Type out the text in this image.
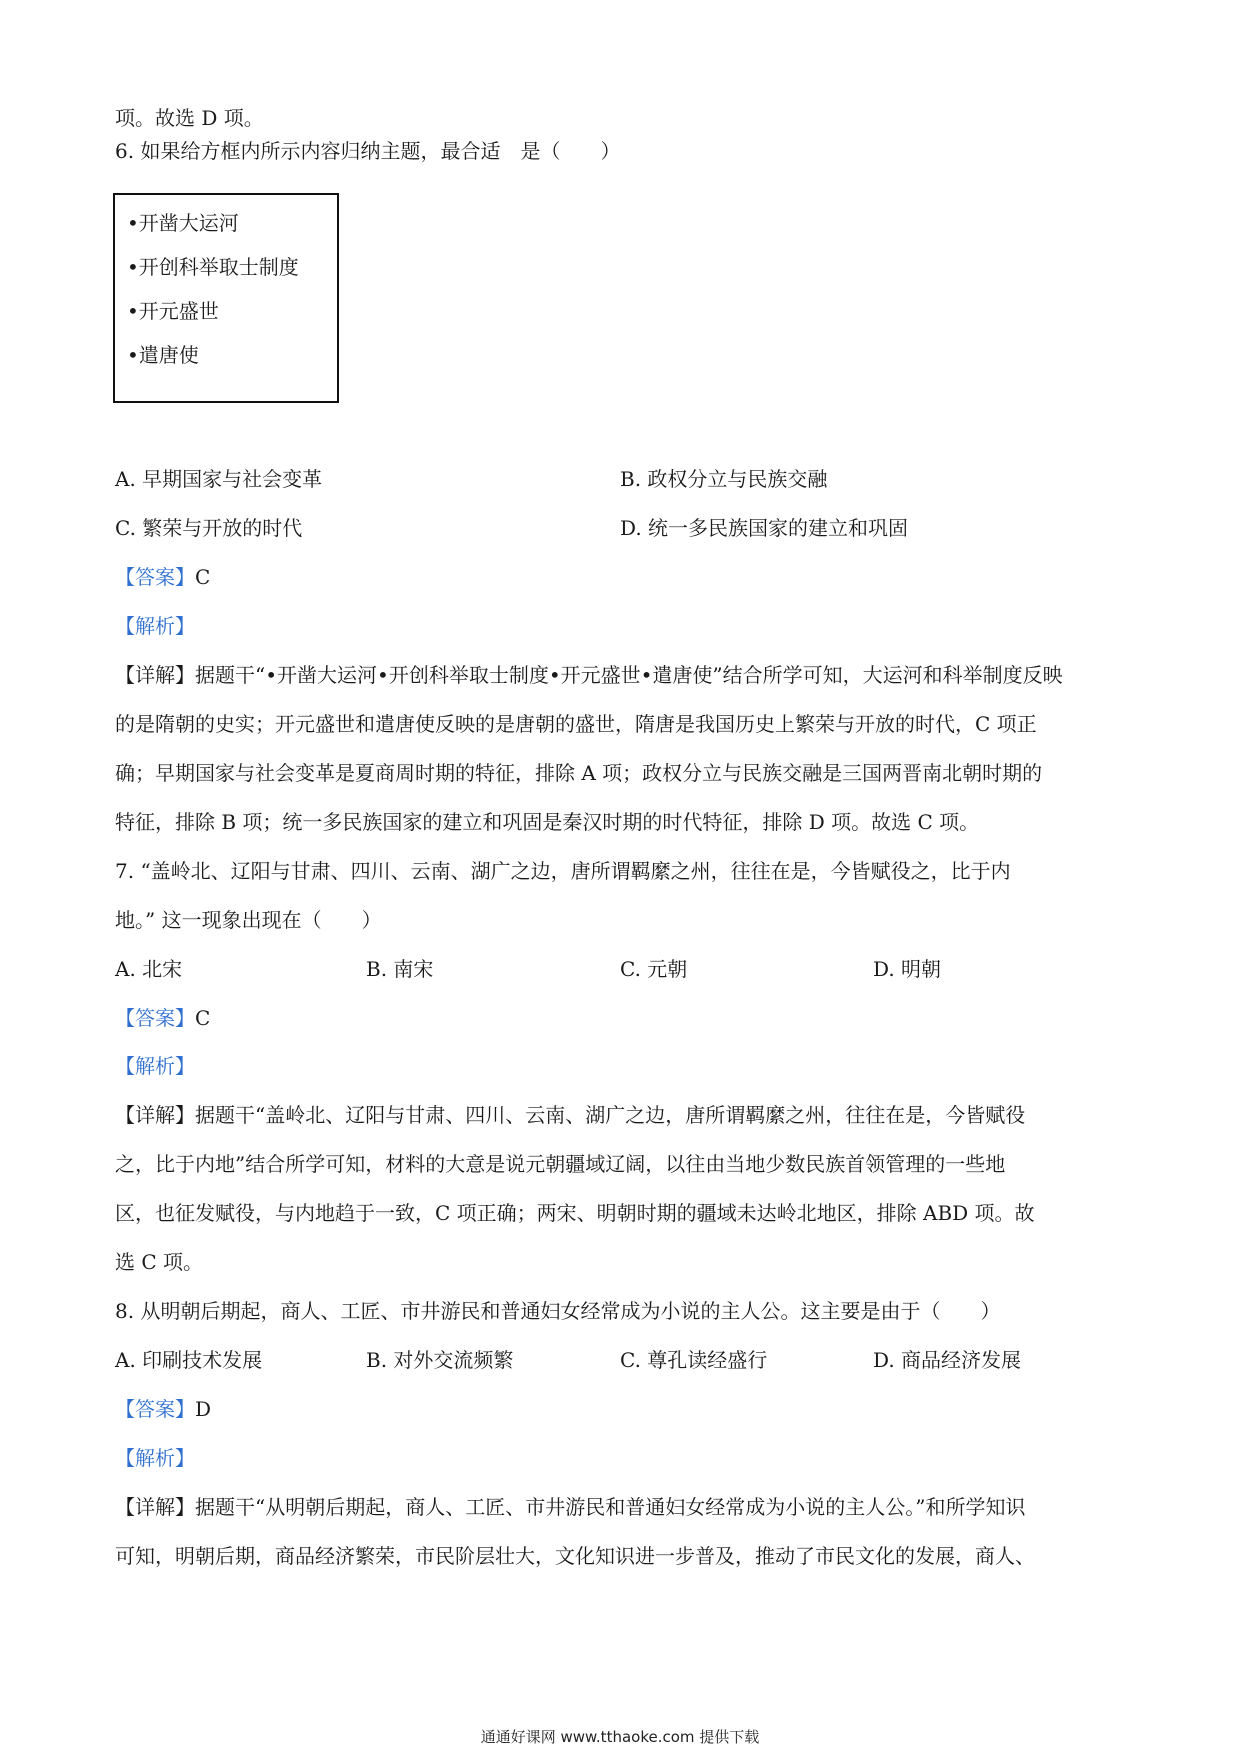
项。故选 D 项。
6. 如果给方框内所示内容归纳主题，最合适　是（　　）
•开凿大运河
•开创科举取士制度
•开元盛世
•遣唐使
A. 早期国家与社会变革	B. 政权分立与民族交融
C. 繁荣与开放的时代	D. 统一多民族国家的建立和巩固
【答案】C
【解析】
【详解】据题干“•开凿大运河•开创科举取士制度•开元盛世•遣唐使”结合所学可知，大运河和科举制度反映
的是隋朝的史实；开元盛世和遣唐使反映的是唐朝的盛世，隋唐是我国历史上繁荣与开放的时代，C 项正
确；早期国家与社会变革是夏商周时期的特征，排除 A 项；政权分立与民族交融是三国两晋南北朝时期的
特征，排除 B 项；统一多民族国家的建立和巩固是秦汉时期的时代特征，排除 D 项。故选 C 项。
7. “盖岭北、辽阳与甘肃、四川、云南、湖广之边，唐所谓羁縻之州，往往在是，今皆赋役之，比于内
地。” 这一现象出现在（　　）
A. 北宋	B. 南宋	C. 元朝	D. 明朝
【答案】C
【解析】
【详解】据题干“盖岭北、辽阳与甘肃、四川、云南、湖广之边，唐所谓羁縻之州，往往在是，今皆赋役
之，比于内地”结合所学可知，材料的大意是说元朝疆域辽阔，以往由当地少数民族首领管理的一些地
区，也征发赋役，与内地趋于一致，C 项正确；两宋、明朝时期的疆域未达岭北地区，排除 ABD 项。故
选 C 项。
8. 从明朝后期起，商人、工匠、市井游民和普通妇女经常成为小说的主人公。这主要是由于（　　）
A. 印刷技术发展	B. 对外交流频繁	C. 尊孔读经盛行	D. 商品经济发展
【答案】D
【解析】
【详解】据题干“从明朝后期起，商人、工匠、市井游民和普通妇女经常成为小说的主人公。”和所学知识
可知，明朝后期，商品经济繁荣，市民阶层壮大，文化知识进一步普及，推动了市民文化的发展，商人、
通通好课网 www.tthaoke.com 提供下载
